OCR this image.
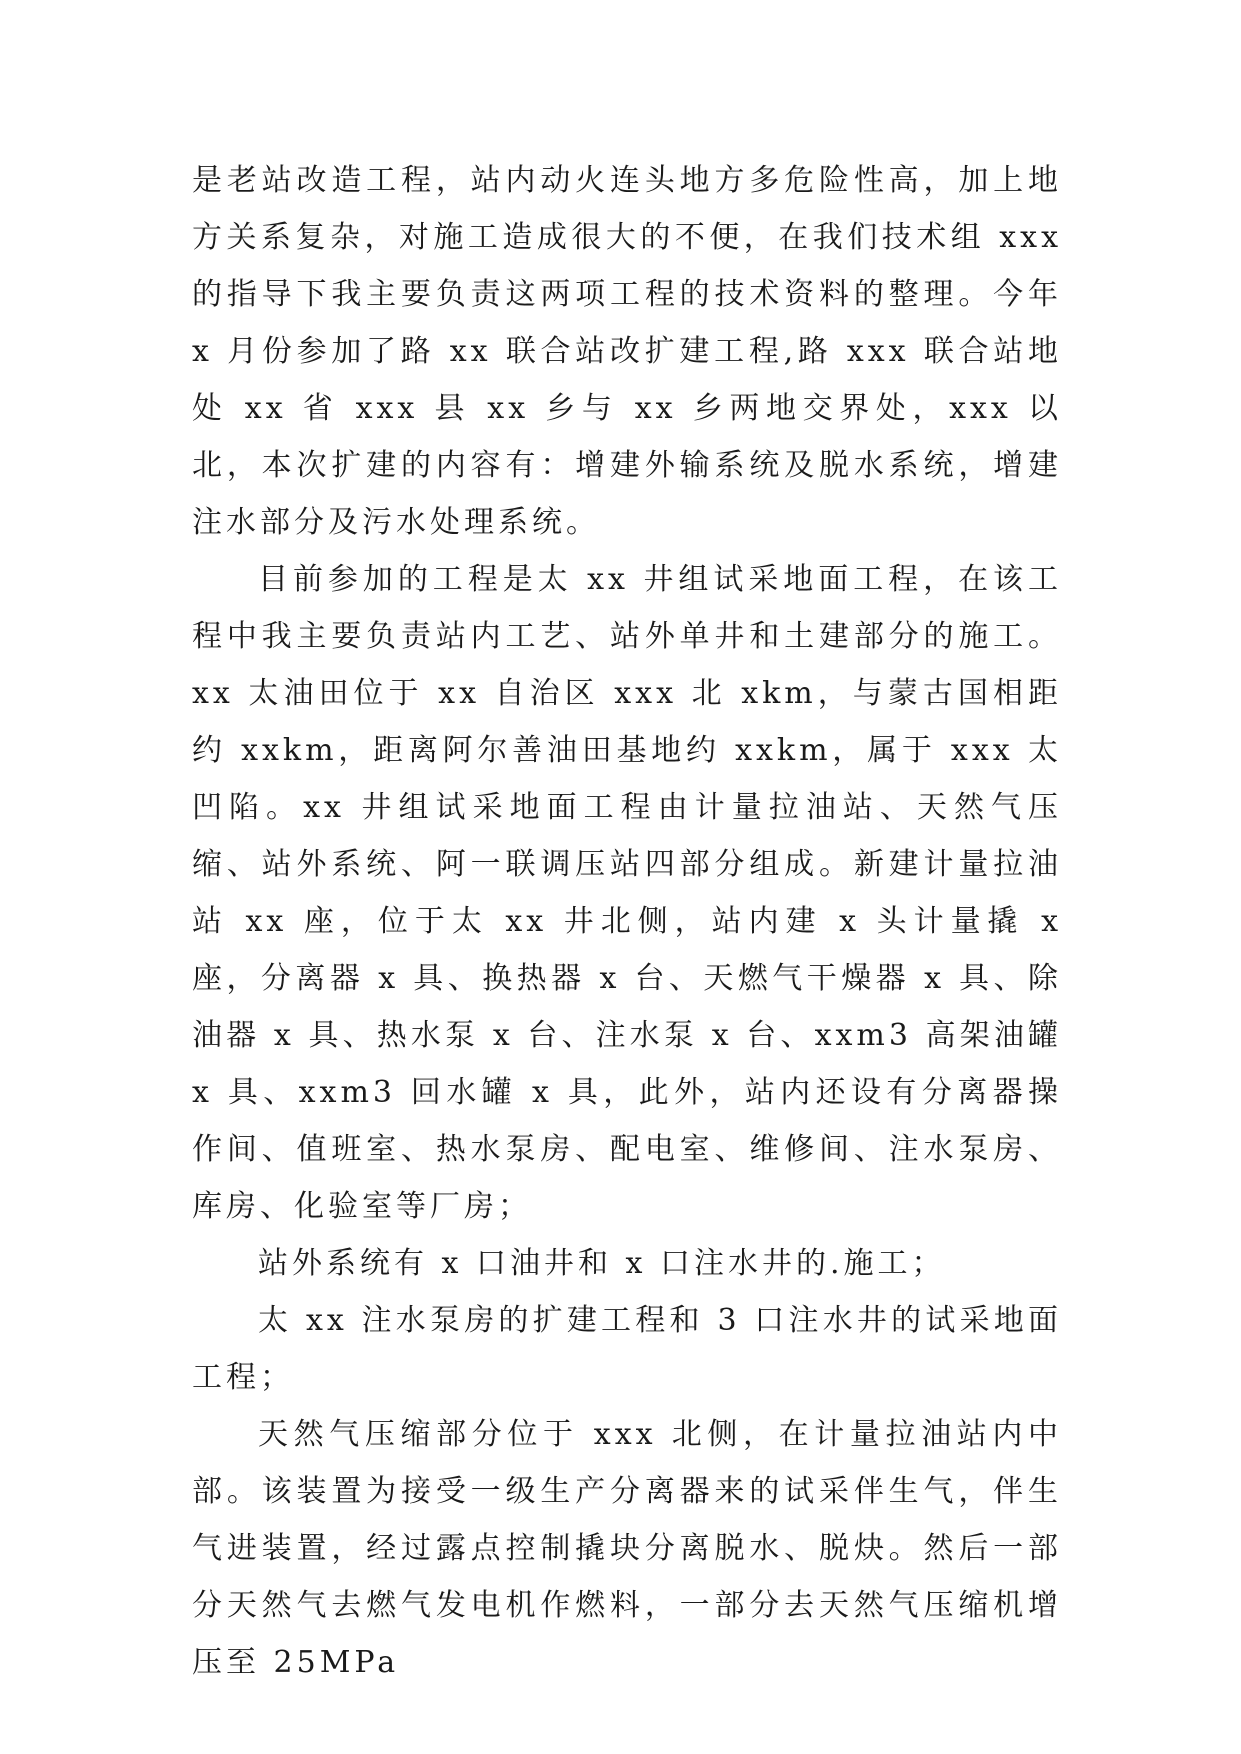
是老站改造工程，站内动火连头地方多危险性高，加上地方关系复杂，对施工造成很大的不便，在我们技术组 xxx 的指导下我主要负责这两项工程的技术资料的整理。今年 x 月份参加了路 xx 联合站改扩建工程,路 xxx 联合站地处 xx 省 xxx 县 xx 乡与 xx 乡两地交界处，xxx 以北，本次扩建的内容有：增建外输系统及脱水系统，增建注水部分及污水处理系统。

目前参加的工程是太 xx 井组试采地面工程，在该工程中我主要负责站内工艺、站外单井和土建部分的施工。xx 太油田位于 xx 自治区 xxx 北 xkm，与蒙古国相距约 xxkm，距离阿尔善油田基地约 xxkm，属于 xxx 太凹陷。xx 井组试采地面工程由计量拉油站、天然气压缩、站外系统、阿一联调压站四部分组成。新建计量拉油站 xx 座，位于太 xx 井北侧，站内建 x 头计量撬 x 座，分离器 x 具、换热器 x 台、天燃气干燥器 x 具、除油器 x 具、热水泵 x 台、注水泵 x 台、xxm3 高架油罐 x 具、xxm3 回水罐 x 具，此外，站内还设有分离器操作间、值班室、热水泵房、配电室、维修间、注水泵房、库房、化验室等厂房；

站外系统有 x 口油井和 x 口注水井的.施工；

太 xx 注水泵房的扩建工程和 3 口注水井的试采地面工程；

天然气压缩部分位于 xxx 北侧，在计量拉油站内中部。该装置为接受一级生产分离器来的试采伴生气，伴生气进装置，经过露点控制撬块分离脱水、脱炔。然后一部分天然气去燃气发电机作燃料，一部分去天然气压缩机增压至 25MPa
